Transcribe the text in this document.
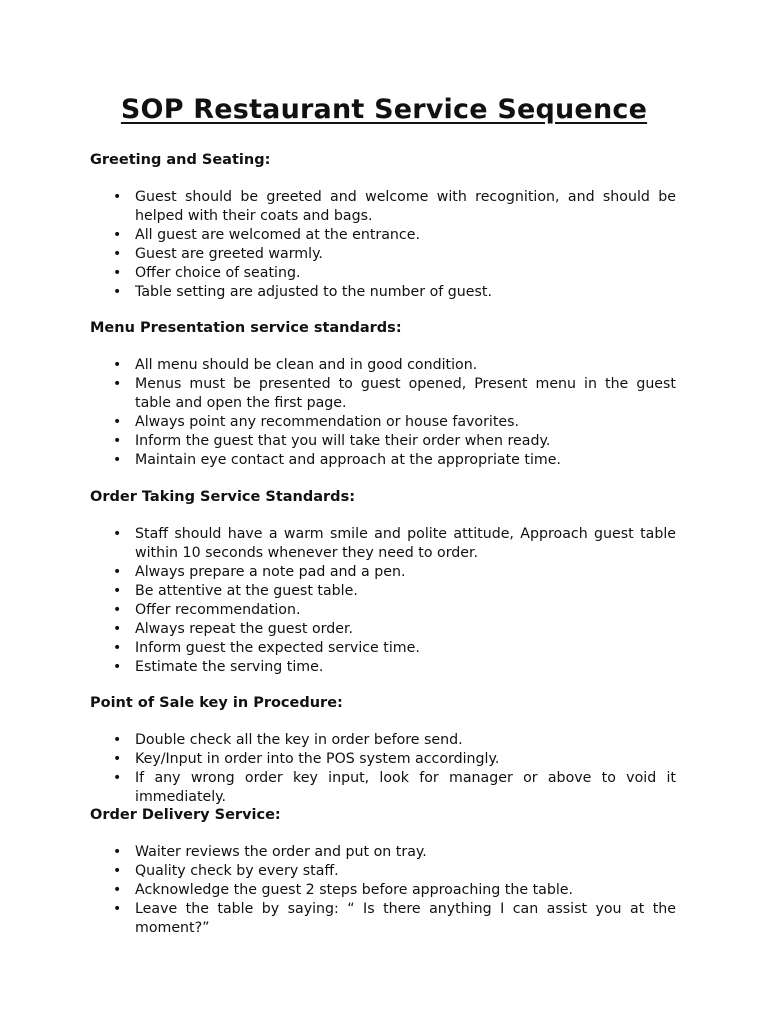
SOP Restaurant Service Sequence

Greeting and Seating:

• Guest should be greeted and welcome with recognition, and should be helped with their coats and bags.
• All guest are welcomed at the entrance.
• Guest are greeted warmly.
• Offer choice of seating.
• Table setting are adjusted to the number of guest.

Menu Presentation service standards:

• All menu should be clean and in good condition.
• Menus must be presented to guest opened, Present menu in the guest table and open the first page.
• Always point any recommendation or house favorites.
• Inform the guest that you will take their order when ready.
• Maintain eye contact and approach at the appropriate time.

Order Taking Service Standards:

• Staff should have a warm smile and polite attitude, Approach guest table within 10 seconds whenever they need to order.
• Always prepare a note pad and a pen.
• Be attentive at the guest table.
• Offer recommendation.
• Always repeat the guest order.
• Inform guest the expected service time.
• Estimate the serving time.

Point of Sale key in Procedure:

• Double check all the key in order before send.
• Key/Input in order into the POS system accordingly.
• If any wrong order key input, look for manager or above to void it immediately.

Order Delivery Service:

• Waiter reviews the order and put on tray.
• Quality check by every staff.
• Acknowledge the guest 2 steps before approaching the table.
• Leave the table by saying: “ Is there anything I can assist you at the moment?”
